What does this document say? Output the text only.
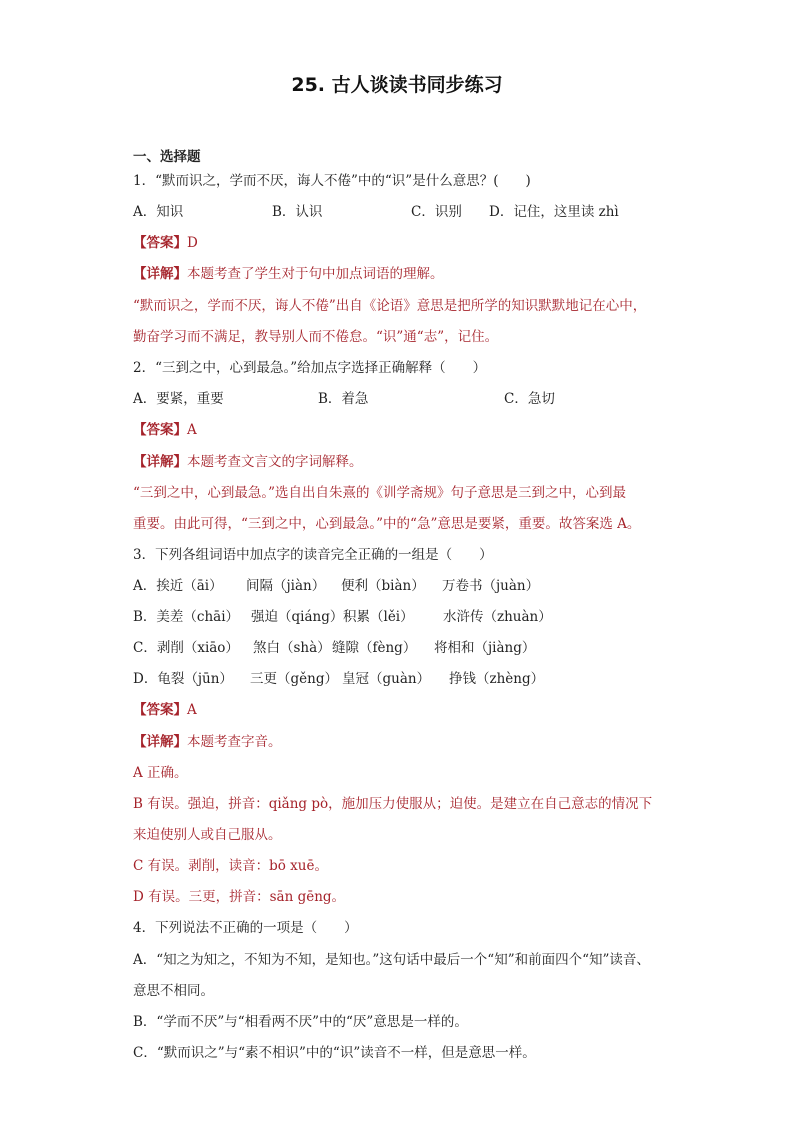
25. 古人谈读书同步练习
一、选择题
1．“默而识之，学而不厌，诲人不倦”中的“识”是什么意思？(　　)
A．知识	B．认识	C．识别 D．记住，这里读 zhì
【答案】D
【详解】本题考查了学生对于句中加点词语的理解。
“默而识之，学而不厌，诲人不倦”出自《论语》意思是把所学的知识默默地记在心中，
勤奋学习而不满足，教导别人而不倦怠。“识”通“志”，记住。
2．“三到之中，心到最急。”给加点字选择正确解释（　　）
A．要紧，重要	B．着急	C．急切
【答案】A
【详解】本题考查文言文的字词解释。
“三到之中，心到最急。”选自出自朱熹的《训学斋规》句子意思是三到之中，心到最
重要。由此可得，“三到之中，心到最急。”中的“急”意思是要紧，重要。故答案选 A。
3．下列各组词语中加点字的读音完全正确的一组是（　　）
A．挨近（āi） 间隔（jiàn） 便利（biàn） 万卷书（juàn）
B．美差（chāi） 强迫（qiáng）积累（lěi） 水浒传（zhuàn）
C．剥削（xiāo） 煞白（shà）缝隙（fèng） 将相和（jiàng）
D．龟裂（jūn） 三更（gěng） 皇冠（guàn） 挣钱（zhèng）
【答案】A
【详解】本题考查字音。
A 正确。
B 有误。强迫，拼音：qiǎng pò，施加压力使服从；迫使。是建立在自己意志的情况下
来迫使别人或自己服从。
C 有误。剥削，读音：bō xuē。
D 有误。三更，拼音：sān gēng。
4．下列说法不正确的一项是（　　）
A．“知之为知之，不知为不知，是知也。”这句话中最后一个“知”和前面四个“知”读音、
意思不相同。
B．“学而不厌”与“相看两不厌”中的“厌”意思是一样的。
C．“默而识之”与“素不相识”中的“识”读音不一样，但是意思一样。
